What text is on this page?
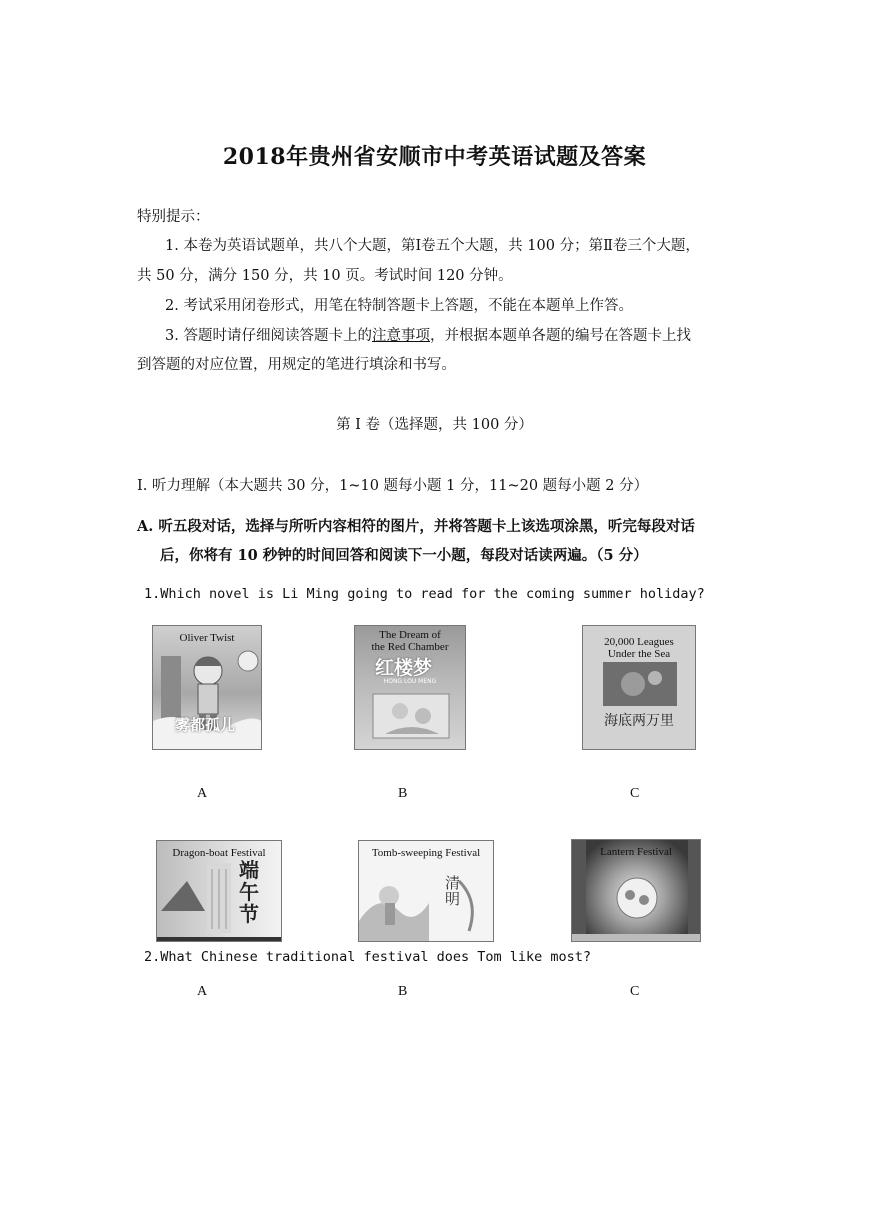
2018年贵州省安顺市中考英语试题及答案
特别提示：
1. 本卷为英语试题单，共八个大题，第Ⅰ卷五个大题，共 100 分；第Ⅱ卷三个大题，
共 50 分，满分 150 分，共 10 页。考试时间 120 分钟。
2. 考试采用闭卷形式，用笔在特制答题卡上答题，不能在本题单上作答。
3. 答题时请仔细阅读答题卡上的注意事项，并根据本题单各题的编号在答题卡上找
到答题的对应位置，用规定的笔进行填涂和书写。
第 Ⅰ 卷（选择题，共 100 分）
Ⅰ. 听力理解（本大题共 30 分，1~10 题每小题 1 分，11~20 题每小题 2 分）
A. 听五段对话，选择与所听内容相符的图片，并将答题卡上该选项涂黑，听完每段对话
后，你将有 10 秒钟的时间回答和阅读下一小题，每段对话读两遍。（5 分）
1.Which novel is Li Ming going to read for the coming summer holiday?
Oliver Twist
雾都孤儿
The Dream of
the Red Chamber
红楼梦
HONG LOU MENG
20,000 Leagues
Under the Sea
海底两万里
A	B	C
Dragon-boat Festival
端午节
Tomb-sweeping Festival
清明
Lantern Festival
2.What Chinese traditional festival does Tom like most?
A	B	C
